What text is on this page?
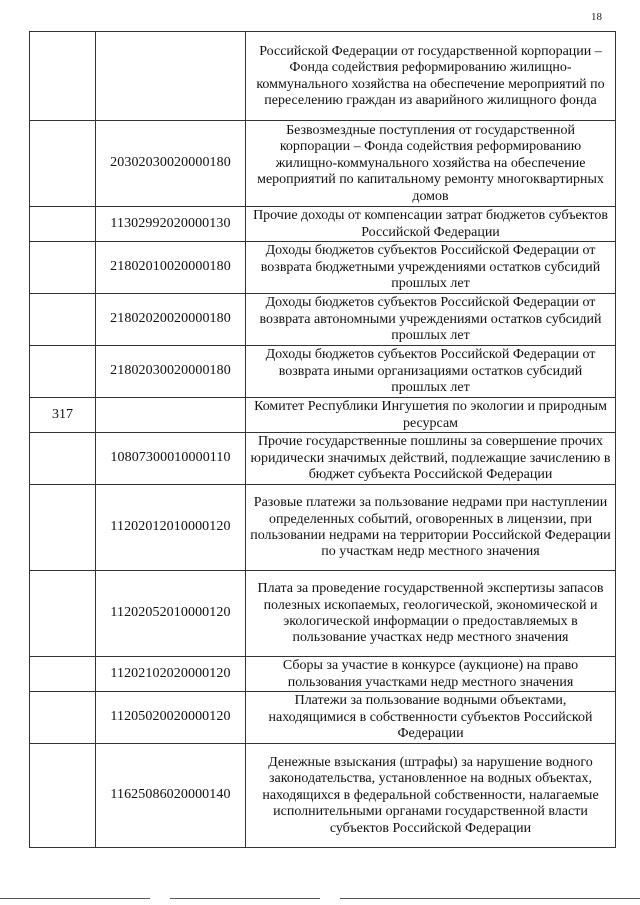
18
		Российской Федерации от государственной корпорации – Фонда содействия реформированию жилищно-коммунального хозяйства на обеспечение мероприятий по переселению граждан из аварийного жилищного фонда
	20302030020000180	Безвозмездные поступления от государственной корпорации – Фонда содействия реформированию жилищно-коммунального хозяйства на обеспечение мероприятий по капитальному ремонту многоквартирных домов
	11302992020000130	Прочие доходы от компенсации затрат бюджетов субъектов Российской Федерации
	21802010020000180	Доходы бюджетов субъектов Российской Федерации от возврата бюджетными учреждениями остатков субсидий прошлых лет
	21802020020000180	Доходы бюджетов субъектов Российской Федерации от возврата автономными учреждениями остатков субсидий прошлых лет
	21802030020000180	Доходы бюджетов субъектов Российской Федерации от возврата иными организациями остатков субсидий прошлых лет
317		Комитет Республики Ингушетия по экологии и природным ресурсам
	10807300010000110	Прочие государственные пошлины за совершение прочих юридически значимых действий, подлежащие зачислению в бюджет субъекта Российской Федерации
	11202012010000120	Разовые платежи за пользование недрами при наступлении определенных событий, оговоренных в лицензии, при пользовании недрами на территории Российской Федерации по участкам недр местного значения
	11202052010000120	Плата за проведение государственной экспертизы запасов полезных ископаемых, геологической, экономической и экологической информации о предоставляемых в пользование участках недр местного значения
	11202102020000120	Сборы за участие в конкурсе (аукционе) на право пользования участками недр местного значения
	11205020020000120	Платежи за пользование водными объектами, находящимися в собственности субъектов Российской Федерации
	11625086020000140	Денежные взыскания (штрафы) за нарушение водного законодательства, установленное на водных объектах, находящихся в федеральной собственности, налагаемые исполнительными органами государственной власти субъектов Российской Федерации
